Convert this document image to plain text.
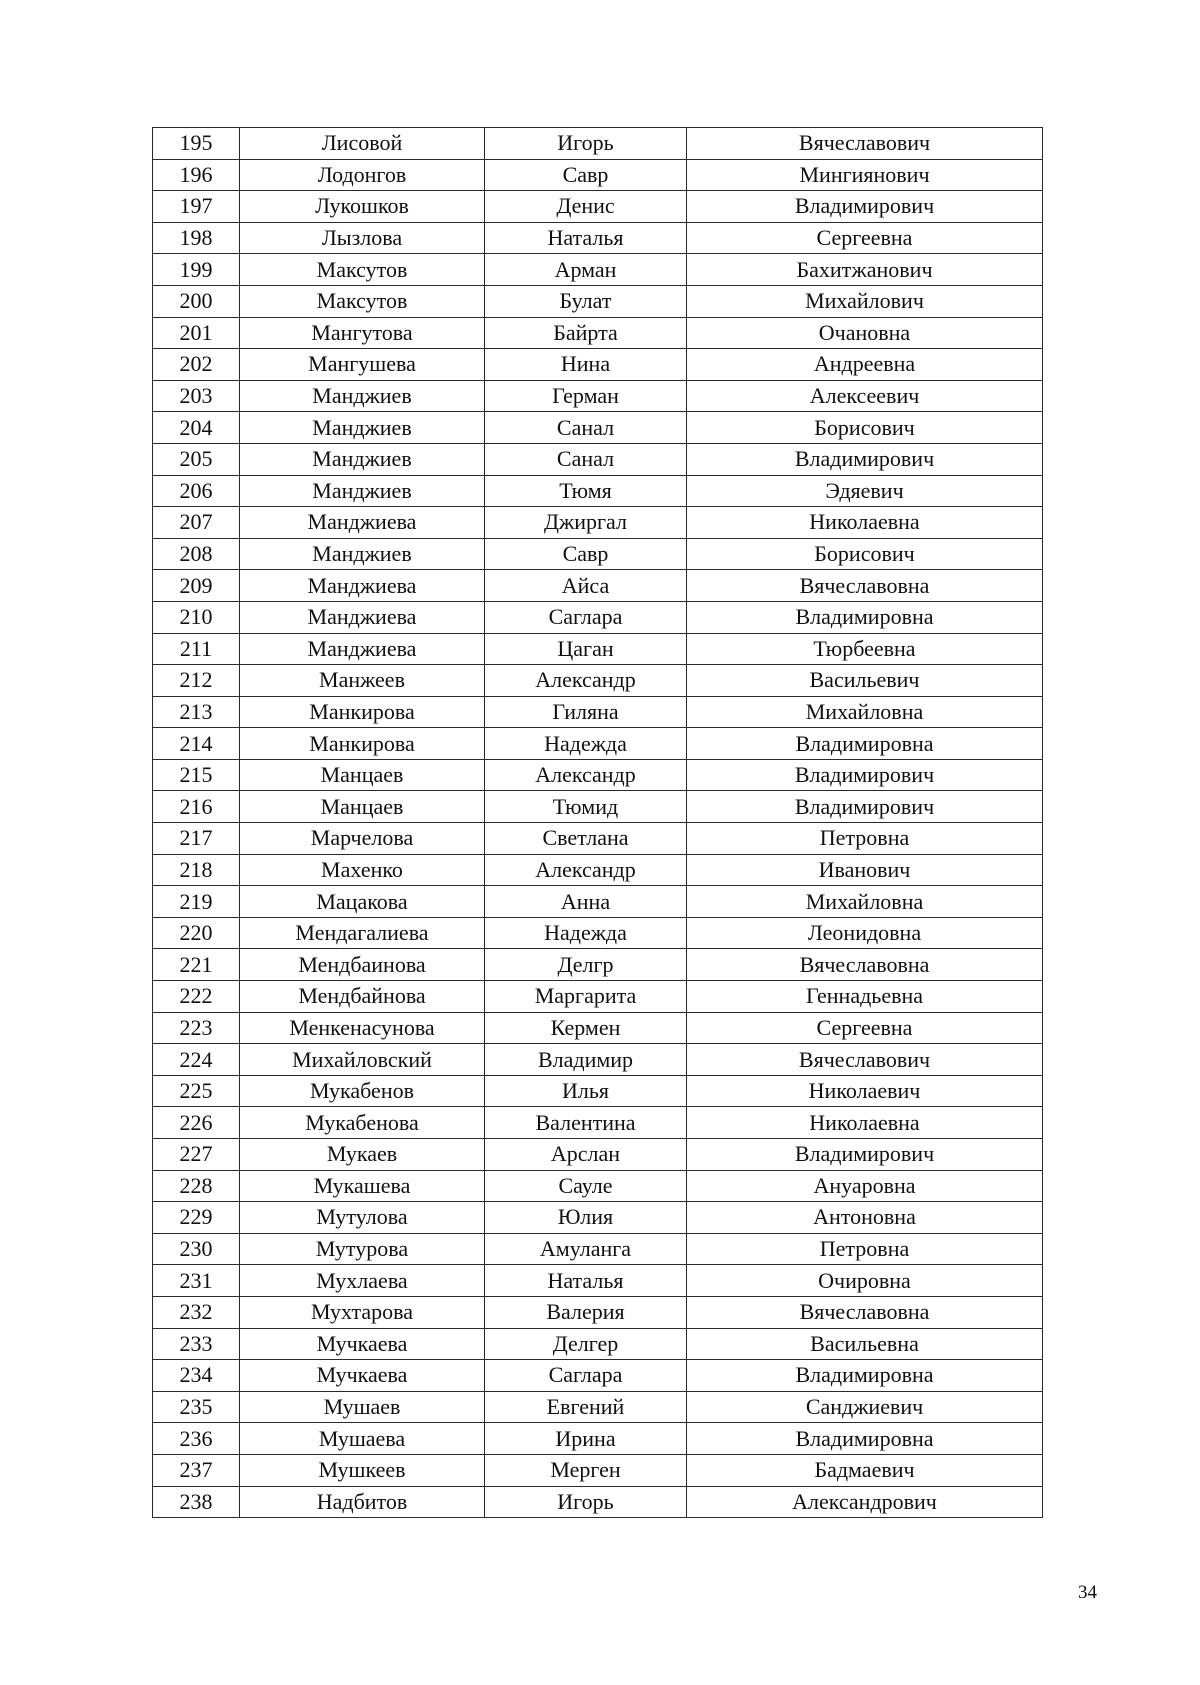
195	Лисовой	Игорь	Вячеславович
196	Лодонгов	Савр	Мингиянович
197	Лукошков	Денис	Владимирович
198	Лызлова	Наталья	Сергеевна
199	Максутов	Арман	Бахитжанович
200	Максутов	Булат	Михайлович
201	Мангутова	Байрта	Очановна
202	Мангушева	Нина	Андреевна
203	Манджиев	Герман	Алексеевич
204	Манджиев	Санал	Борисович
205	Манджиев	Санал	Владимирович
206	Манджиев	Тюмя	Эдяевич
207	Манджиева	Джиргал	Николаевна
208	Манджиев	Савр	Борисович
209	Манджиева	Айса	Вячеславовна
210	Манджиева	Саглара	Владимировна
211	Манджиева	Цаган	Тюрбеевна
212	Манжеев	Александр	Васильевич
213	Манкирова	Гиляна	Михайловна
214	Манкирова	Надежда	Владимировна
215	Манцаев	Александр	Владимирович
216	Манцаев	Тюмид	Владимирович
217	Марчелова	Светлана	Петровна
218	Махенко	Александр	Иванович
219	Мацакова	Анна	Михайловна
220	Мендагалиева	Надежда	Леонидовна
221	Мендбаинова	Делгр	Вячеславовна
222	Мендбайнова	Маргарита	Геннадьевна
223	Менкенасунова	Кермен	Сергеевна
224	Михайловский	Владимир	Вячеславович
225	Мукабенов	Илья	Николаевич
226	Мукабенова	Валентина	Николаевна
227	Мукаев	Арслан	Владимирович
228	Мукашева	Сауле	Ануаровна
229	Мутулова	Юлия	Антоновна
230	Мутурова	Амуланга	Петровна
231	Мухлаева	Наталья	Очировна
232	Мухтарова	Валерия	Вячеславовна
233	Мучкаева	Делгер	Васильевна
234	Мучкаева	Саглара	Владимировна
235	Мушаев	Евгений	Санджиевич
236	Мушаева	Ирина	Владимировна
237	Мушкеев	Мерген	Бадмаевич
238	Надбитов	Игорь	Александрович
34
